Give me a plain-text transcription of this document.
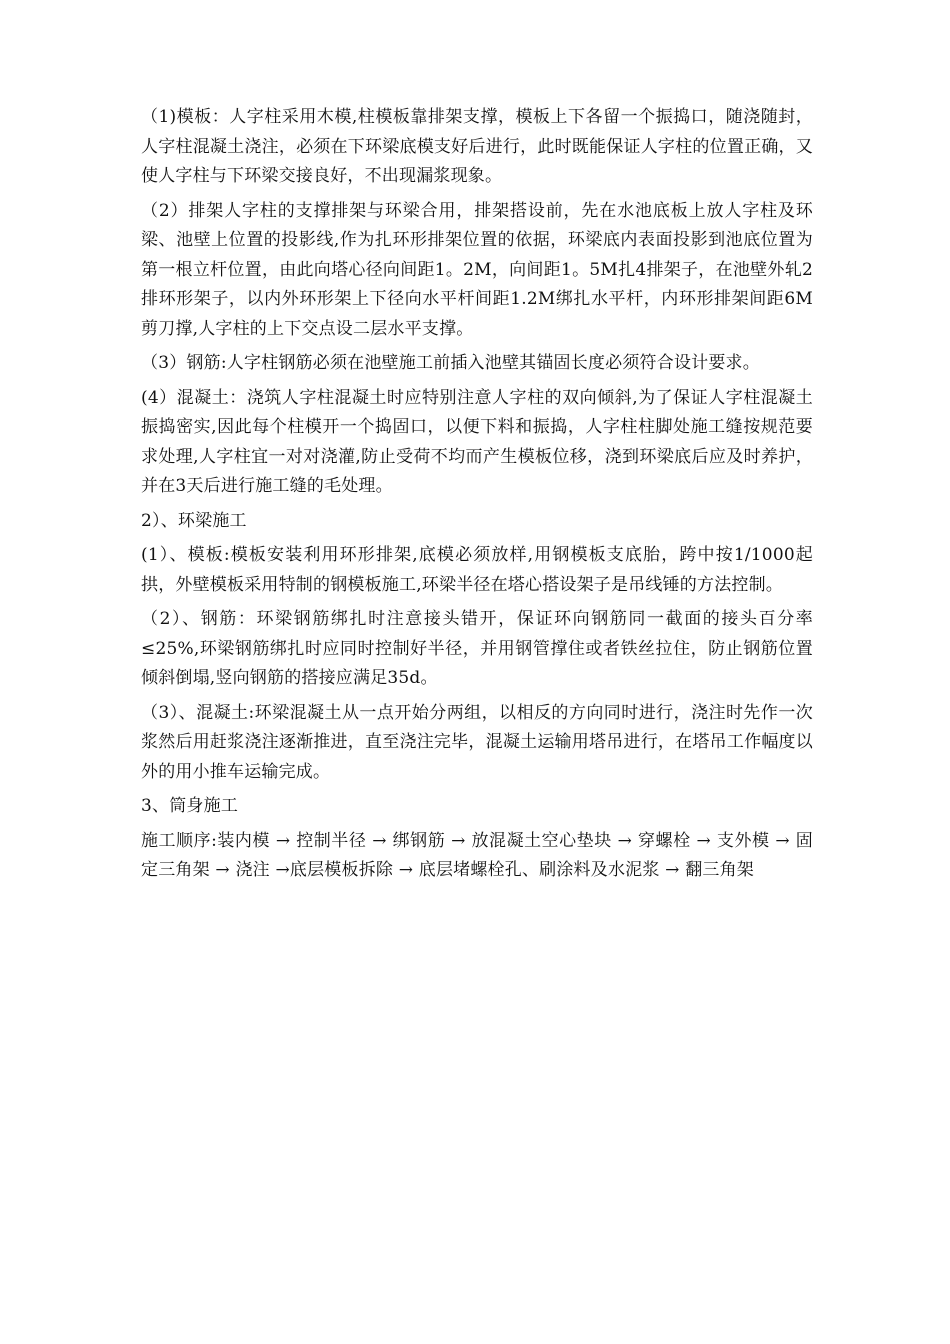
（1)模板：人字柱采用木模,柱模板靠排架支撑，模板上下各留一个振捣口，随浇随封，人字柱混凝土浇注，必须在下环梁底模支好后进行，此时既能保证人字柱的位置正确，又使人字柱与下环梁交接良好，不出现漏浆现象。

（2）排架人字柱的支撑排架与环梁合用，排架搭设前，先在水池底板上放人字柱及环梁、池壁上位置的投影线,作为扎环形排架位置的依据，环梁底内表面投影到池底位置为第一根立杆位置，由此向塔心径向间距1。2M，向间距1。5M扎4排架子，在池壁外轧2排环形架子，以内外环形架上下径向水平杆间距1.2M绑扎水平杆，内环形排架间距6M剪刀撑,人字柱的上下交点设二层水平支撑。

（3）钢筋:人字柱钢筋必须在池壁施工前插入池壁其锚固长度必须符合设计要求。

(4）混凝土：浇筑人字柱混凝土时应特别注意人字柱的双向倾斜,为了保证人字柱混凝土振捣密实,因此每个柱模开一个捣固口，以便下料和振捣，人字柱柱脚处施工缝按规范要求处理,人字柱宜一对对浇灌,防止受荷不均而产生模板位移，浇到环梁底后应及时养护，并在3天后进行施工缝的毛处理。

2）、环梁施工

(1）、模板:模板安装利用环形排架,底模必须放样,用钢模板支底胎，跨中按1/1000起拱，外壁模板采用特制的钢模板施工,环梁半径在塔心搭设架子是吊线锤的方法控制。

（2）、钢筋：环梁钢筋绑扎时注意接头错开，保证环向钢筋同一截面的接头百分率≤25%,环梁钢筋绑扎时应同时控制好半径，并用钢管撑住或者铁丝拉住，防止钢筋位置倾斜倒塌,竖向钢筋的搭接应满足35d。

（3）、混凝土:环梁混凝土从一点开始分两组，以相反的方向同时进行，浇注时先作一次浆然后用赶浆浇注逐渐推进，直至浇注完毕，混凝土运输用塔吊进行，在塔吊工作幅度以外的用小推车运输完成。

3、筒身施工

施工顺序:装内模 → 控制半径 → 绑钢筋 → 放混凝土空心垫块 → 穿螺栓 → 支外模 → 固定三角架 → 浇注 →底层模板拆除 → 底层堵螺栓孔、刷涂料及水泥浆 → 翻三角架
